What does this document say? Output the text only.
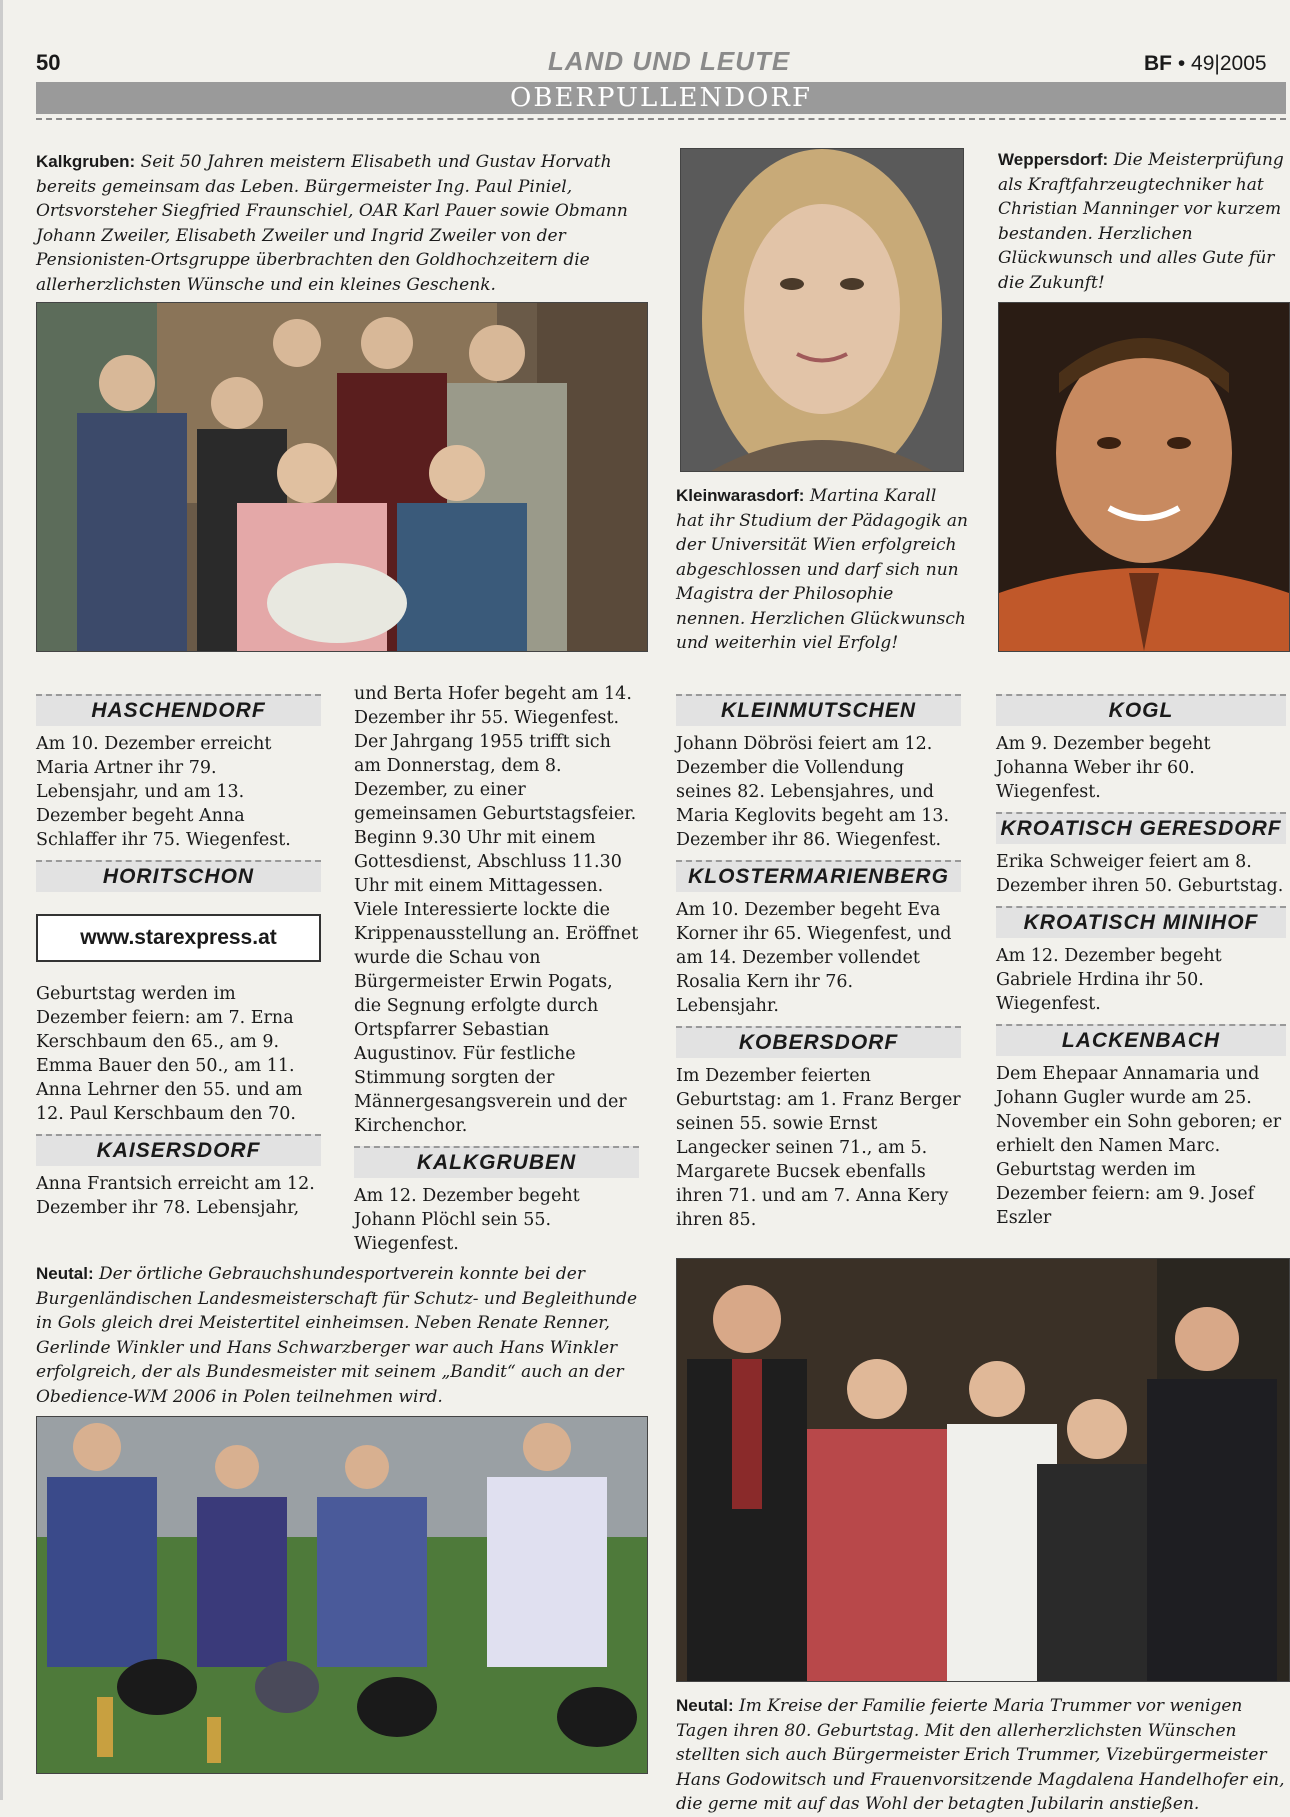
50	LAND UND LEUTE	BF • 49|2005
OBERPULLENDORF
Kalkgruben: Seit 50 Jahren meistern Elisabeth und Gustav Horvath bereits gemeinsam das Leben. Bürgermeister Ing. Paul Piniel, Ortsvorsteher Siegfried Fraunschiel, OAR Karl Pauer sowie Obmann Johann Zweiler, Elisabeth Zweiler und Ingrid Zweiler von der Pensionisten-Ortsgruppe überbrachten den Goldhochzeitern die allerherzlichsten Wünsche und ein kleines Geschenk.
Kleinwarasdorf: Martina Karall hat ihr Studium der Pädagogik an der Universität Wien erfolgreich abgeschlossen und darf sich nun Magistra der Philosophie nennen. Herzlichen Glückwunsch und weiterhin viel Erfolg!
Weppersdorf: Die Meisterprüfung als Kraftfahrzeugtechniker hat Christian Manninger vor kurzem bestanden. Herzlichen Glückwunsch und alles Gute für die Zukunft!
HASCHENDORF

Am 10. Dezember erreicht Maria Artner ihr 79. Lebensjahr, und am 13. Dezember begeht Anna Schlaffer ihr 75. Wiegenfest.

HORITSCHON
www.starexpress.at

Geburtstag werden im Dezember feiern: am 7. Erna Kerschbaum den 65., am 9. Emma Bauer den 50., am 11. Anna Lehrner den 55. und am 12. Paul Kerschbaum den 70.

KAISERSDORF

Anna Frantsich erreicht am 12. Dezember ihr 78. Lebensjahr,

und Berta Hofer begeht am 14. Dezember ihr 55. Wiegenfest. Der Jahrgang 1955 trifft sich am Donnerstag, dem 8. Dezember, zu einer gemeinsamen Geburtstagsfeier. Beginn 9.30 Uhr mit einem Gottesdienst, Abschluss 11.30 Uhr mit einem Mittagessen. Viele Interessierte lockte die Krippenausstellung an. Eröffnet wurde die Schau von Bürgermeister Erwin Pogats, die Segnung erfolgte durch Ortspfarrer Sebastian Augustinov. Für festliche Stimmung sorgten der Männergesangsverein und der Kirchenchor.

KALKGRUBEN

Am 12. Dezember begeht Johann Plöchl sein 55. Wiegenfest.

KLEINMUTSCHEN

Johann Döbrösi feiert am 12. Dezember die Vollendung seines 82. Lebensjahres, und Maria Keglovits begeht am 13. Dezember ihr 86. Wiegenfest.

KLOSTERMARIENBERG

Am 10. Dezember begeht Eva Korner ihr 65. Wiegenfest, und am 14. Dezember vollendet Rosalia Kern ihr 76. Lebensjahr.

KOBERSDORF

Im Dezember feierten Geburtstag: am 1. Franz Berger seinen 55. sowie Ernst Langecker seinen 71., am 5. Margarete Bucsek ebenfalls ihren 71. und am 7. Anna Kery ihren 85.

KOGL

Am 9. Dezember begeht Johanna Weber ihr 60. Wiegenfest.

KROATISCH GERESDORF

Erika Schweiger feiert am 8. Dezember ihren 50. Geburtstag.

KROATISCH MINIHOF

Am 12. Dezember begeht Gabriele Hrdina ihr 50. Wiegenfest.

LACKENBACH

Dem Ehepaar Annamaria und Johann Gugler wurde am 25. November ein Sohn geboren; er erhielt den Namen Marc. Geburtstag werden im Dezember feiern: am 9. Josef Eszler

Neutal: Der örtliche Gebrauchshundesportverein konnte bei der Burgenländischen Landesmeisterschaft für Schutz- und Begleithunde in Gols gleich drei Meistertitel einheimsen. Neben Renate Renner, Gerlinde Winkler und Hans Schwarzberger war auch Hans Winkler erfolgreich, der als Bundesmeister mit seinem „Bandit“ auch an der Obedience-WM 2006 in Polen teilnehmen wird.
Neutal: Im Kreise der Familie feierte Maria Trummer vor wenigen Tagen ihren 80. Geburtstag. Mit den allerherzlichsten Wünschen stellten sich auch Bürgermeister Erich Trummer, Vizebürgermeister Hans Godowitsch und Frauenvorsitzende Magdalena Handelhofer ein, die gerne mit auf das Wohl der betagten Jubilarin anstießen.
